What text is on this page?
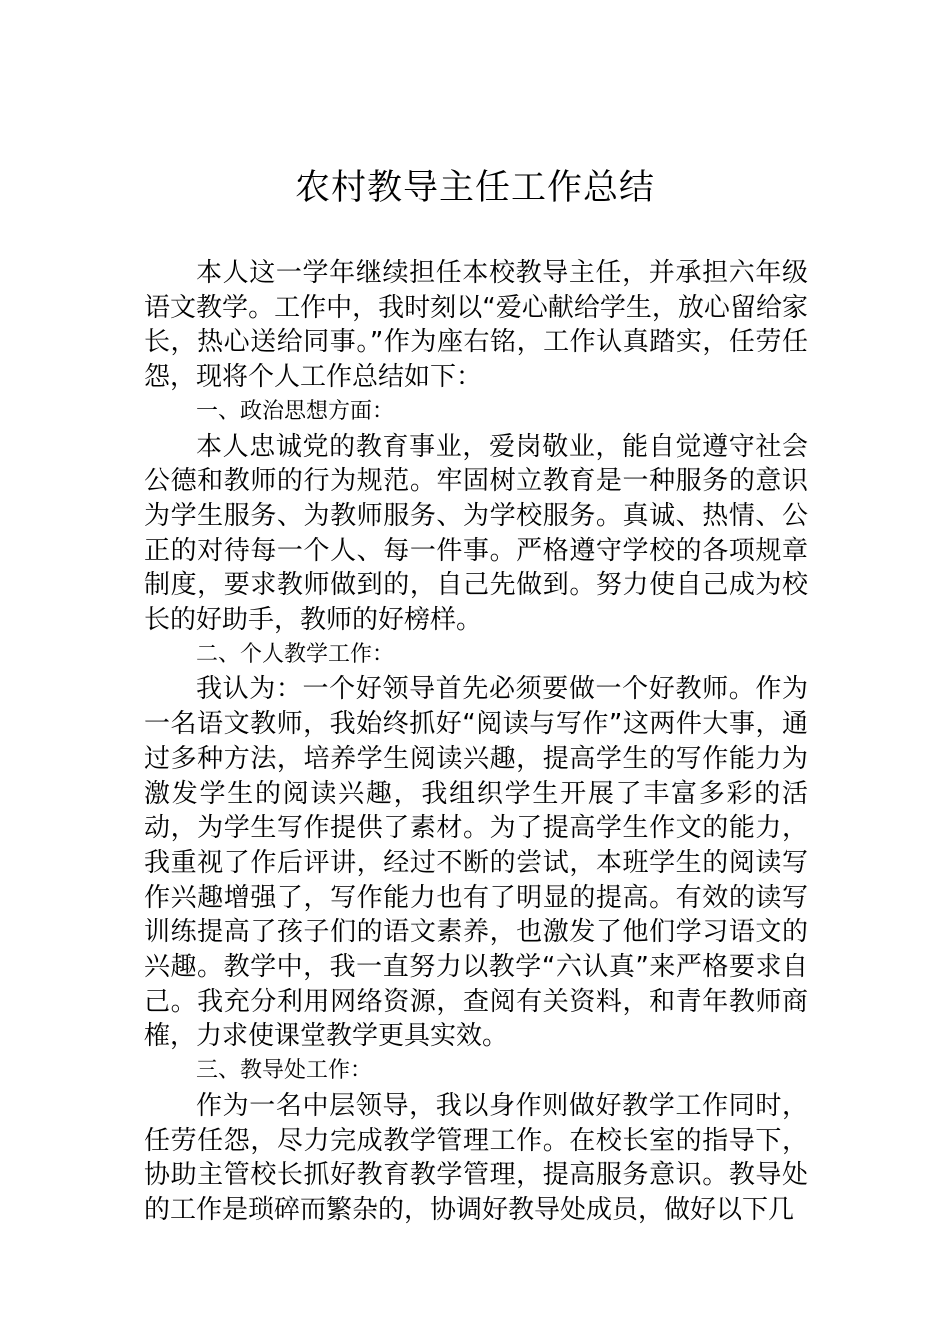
农村教导主任工作总结

本人这一学年继续担任本校教导主任，并承担六年级语文教学。工作中，我时刻以“爱心献给学生，放心留给家长，热心送给同事。”作为座右铭，工作认真踏实，任劳任怨，现将个人工作总结如下：

一、政治思想方面：

本人忠诚党的教育事业，爱岗敬业，能自觉遵守社会公德和教师的行为规范。牢固树立教育是一种服务的意识为学生服务、为教师服务、为学校服务。真诚、热情、公正的对待每一个人、每一件事。严格遵守学校的各项规章制度，要求教师做到的，自己先做到。努力使自己成为校长的好助手，教师的好榜样。

二、个人教学工作：

我认为：一个好领导首先必须要做一个好教师。作为一名语文教师，我始终抓好“阅读与写作”这两件大事，通过多种方法，培养学生阅读兴趣，提高学生的写作能力为激发学生的阅读兴趣，我组织学生开展了丰富多彩的活动，为学生写作提供了素材。为了提高学生作文的能力，我重视了作后评讲，经过不断的尝试，本班学生的阅读写作兴趣增强了，写作能力也有了明显的提高。有效的读写训练提高了孩子们的语文素养，也激发了他们学习语文的兴趣。教学中，我一直努力以教学“六认真”来严格要求自己。我充分利用网络资源，查阅有关资料，和青年教师商榷，力求使课堂教学更具实效。

三、教导处工作：

作为一名中层领导，我以身作则做好教学工作同时，任劳任怨，尽力完成教学管理工作。在校长室的指导下，协助主管校长抓好教育教学管理，提高服务意识。教导处的工作是琐碎而繁杂的，协调好教导处成员，做好以下几
